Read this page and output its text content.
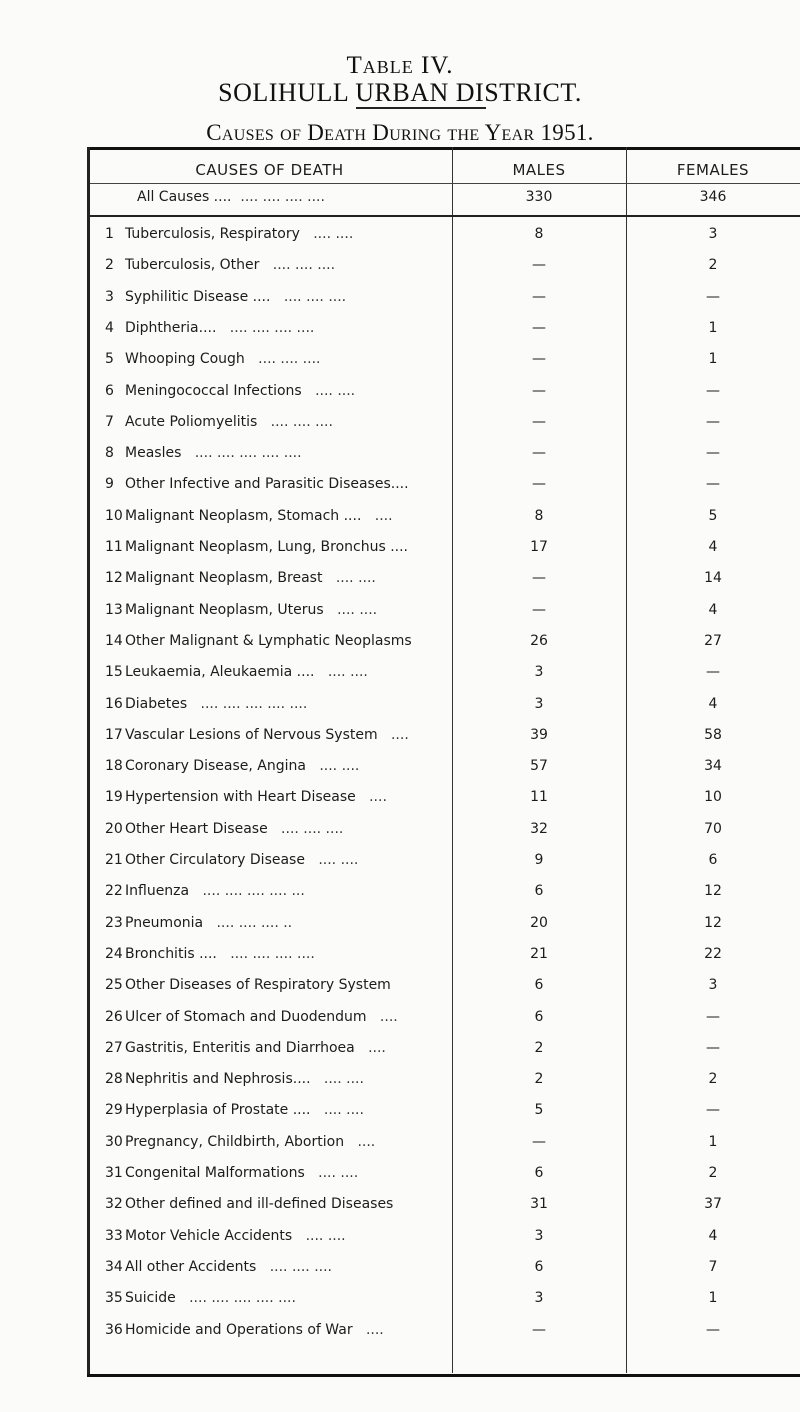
Table IV.
SOLIHULL URBAN DISTRICT.
Causes of Death During the Year 1951.
CAUSES OF DEATH	MALES	FEMALES
All Causes .... .... .... .... ....	330	346
1 Tuberculosis, Respiratory .... ....	8	3
2 Tuberculosis, Other .... .... ....	—	2
3 Syphilitic Disease .... .... .... ....	—	—
4 Diphtheria.... .... .... .... ....	—	1
5 Whooping Cough .... .... ....	—	1
6 Meningococcal Infections .... ....	—	—
7 Acute Poliomyelitis .... .... ....	—	—
8 Measles .... .... .... .... ....	—	—
9 Other Infective and Parasitic Diseases....	—	—
10 Malignant Neoplasm, Stomach .... ....	8	5
11 Malignant Neoplasm, Lung, Bronchus ....	17	4
12 Malignant Neoplasm, Breast .... ....	—	14
13 Malignant Neoplasm, Uterus .... ....	—	4
14 Other Malignant & Lymphatic Neoplasms	26	27
15 Leukaemia, Aleukaemia .... .... ....	3	—
16 Diabetes .... .... .... .... ....	3	4
17 Vascular Lesions of Nervous System ....	39	58
18 Coronary Disease, Angina .... ....	57	34
19 Hypertension with Heart Disease ....	11	10
20 Other Heart Disease .... .... ....	32	70
21 Other Circulatory Disease .... ....	9	6
22 Influenza .... .... .... .... ...	6	12
23 Pneumonia .... .... .... ..	20	12
24 Bronchitis .... .... .... .... ....	21	22
25 Other Diseases of Respiratory System	6	3
26 Ulcer of Stomach and Duodendum ....	6	—
27 Gastritis, Enteritis and Diarrhoea ....	2	—
28 Nephritis and Nephrosis.... .... ....	2	2
29 Hyperplasia of Prostate .... .... ....	5	—
30 Pregnancy, Childbirth, Abortion ....	—	1
31 Congenital Malformations .... ....	6	2
32 Other defined and ill-defined Diseases	31	37
33 Motor Vehicle Accidents .... ....	3	4
34 All other Accidents .... .... ....	6	7
35 Suicide .... .... .... .... ....	3	1
36 Homicide and Operations of War ....	—	—
